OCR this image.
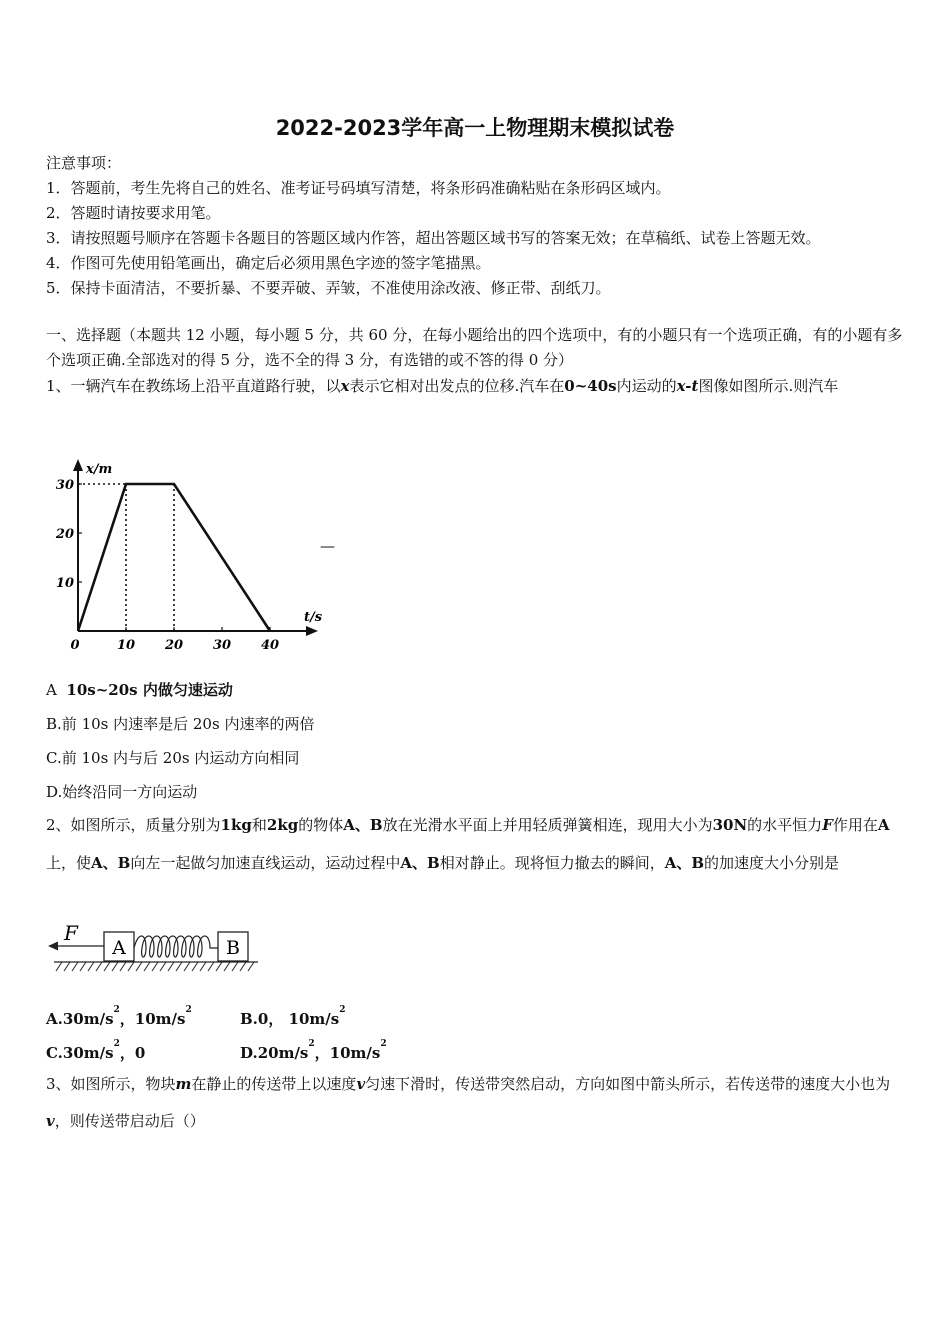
2022-2023学年高一上物理期末模拟试卷
注意事项：
1．答题前，考生先将自己的姓名、准考证号码填写清楚，将条形码准确粘贴在条形码区域内。
2．答题时请按要求用笔。
3．请按照题号顺序在答题卡各题目的答题区域内作答，超出答题区域书写的答案无效；在草稿纸、试卷上答题无效。
4．作图可先使用铅笔画出，确定后必须用黑色字迹的签字笔描黑。
5．保持卡面清洁，不要折暴、不要弄破、弄皱，不准使用涂改液、修正带、刮纸刀。
一、选择题（本题共 12 小题，每小题 5 分，共 60 分，在每小题给出的四个选项中，有的小题只有一个选项正确，有的小题有多个选项正确.全部选对的得 5 分，选不全的得 3 分，有选错的或不答的得 0 分）
1、一辆汽车在教练场上沿平直道路行驶，以x表示它相对出发点的位移.汽车在0~40s内运动的x-t图像如图所示.则汽车
t/s
x/m
0	10 20 30 40
10
20
30
—
A 10s~20s 内做匀速运动
B.前 10s 内速率是后 20s 内速率的两倍
C.前 10s 内与后 20s 内运动方向相同
D.始终沿同一方向运动
2、如图所示，质量分别为1kg和2kg的物体A、B放在光滑水平面上并用轻质弹簧相连，现用大小为30N的水平恒力F作用在A上，使A、B向左一起做匀加速直线运动，运动过程中A、B相对静止。现将恒力撤去的瞬间，A、B的加速度大小分别是
F
A	B
$A.30m/s^2$，$10m/s^2$	B.0， $10m/s^2$
$C.30m/s^2$，0	$D.20m/s^2$，$10m/s^2$
3、如图所示，物块m在静止的传送带上以速度v匀速下滑时，传送带突然启动，方向如图中箭头所示，若传送带的速度大小也为v，则传送带启动后（）
